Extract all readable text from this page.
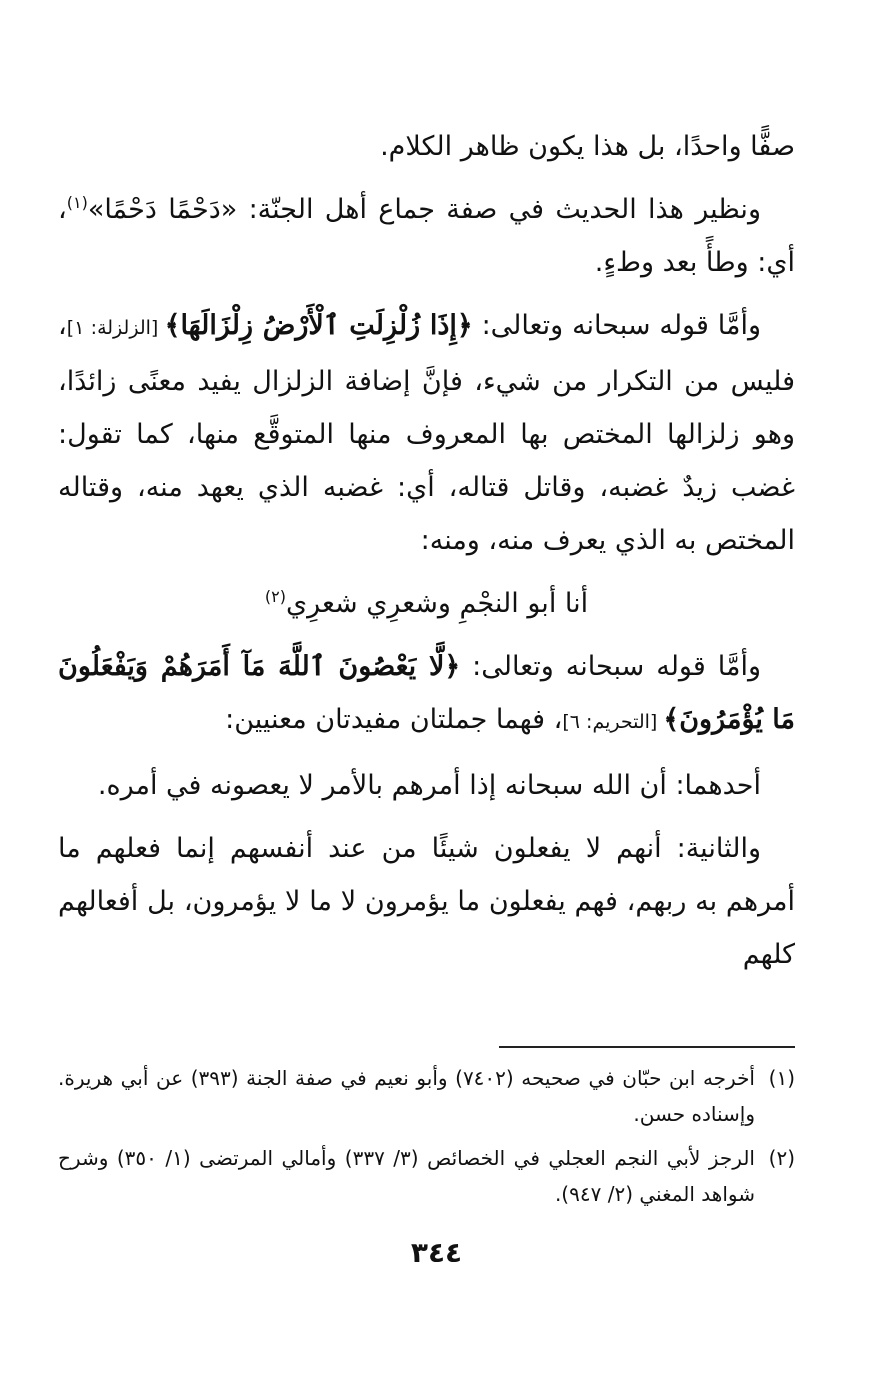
صفًّا واحدًا، بل هذا يكون ظاهر الكلام.

ونظير هذا الحديث في صفة جماع أهل الجنّة: «دَحْمًا دَحْمًا»$^{(١)}$، أي: وطأً بعد وطءٍ.

وأمَّا قوله سبحانه وتعالى: ﴿إِذَا زُلْزِلَتِ ٱلْأَرْضُ زِلْزَالَهَا﴾ [الزلزلة: ١]، فليس من التكرار من شيء، فإنَّ إضافة الزلزال يفيد معنًى زائدًا، وهو زلزالها المختص بها المعروف منها المتوقَّع منها، كما تقول: غضب زيدٌ غضبه، وقاتل قتاله، أي: غضبه الذي يعهد منه، وقتاله المختص به الذي يعرف منه، ومنه:

أنا أبو النجْمِ وشعرِي شعرِي$^{(٢)}$

وأمَّا قوله سبحانه وتعالى: ﴿لَّا يَعْصُونَ ٱللَّهَ مَآ أَمَرَهُمْ وَيَفْعَلُونَ مَا يُؤْمَرُونَ﴾ [التحريم: ٦]، فهما جملتان مفيدتان معنيين:

أحدهما: أن الله سبحانه إذا أمرهم بالأمر لا يعصونه في أمره.

والثانية: أنهم لا يفعلون شيئًا من عند أنفسهم إنما فعلهم ما أمرهم به ربهم، فهم يفعلون ما يؤمرون لا ما لا يؤمرون، بل أفعالهم كلهم

(١)
أخرجه ابن حبّان في صحيحه (٧٤٠٢) وأبو نعيم في صفة الجنة (٣٩٣) عن أبي هريرة. وإسناده حسن.
(٢)
الرجز لأبي النجم العجلي في الخصائص (٣/ ٣٣٧) وأمالي المرتضى (١/ ٣٥٠) وشرح شواهد المغني (٢/ ٩٤٧).
٣٤٤
